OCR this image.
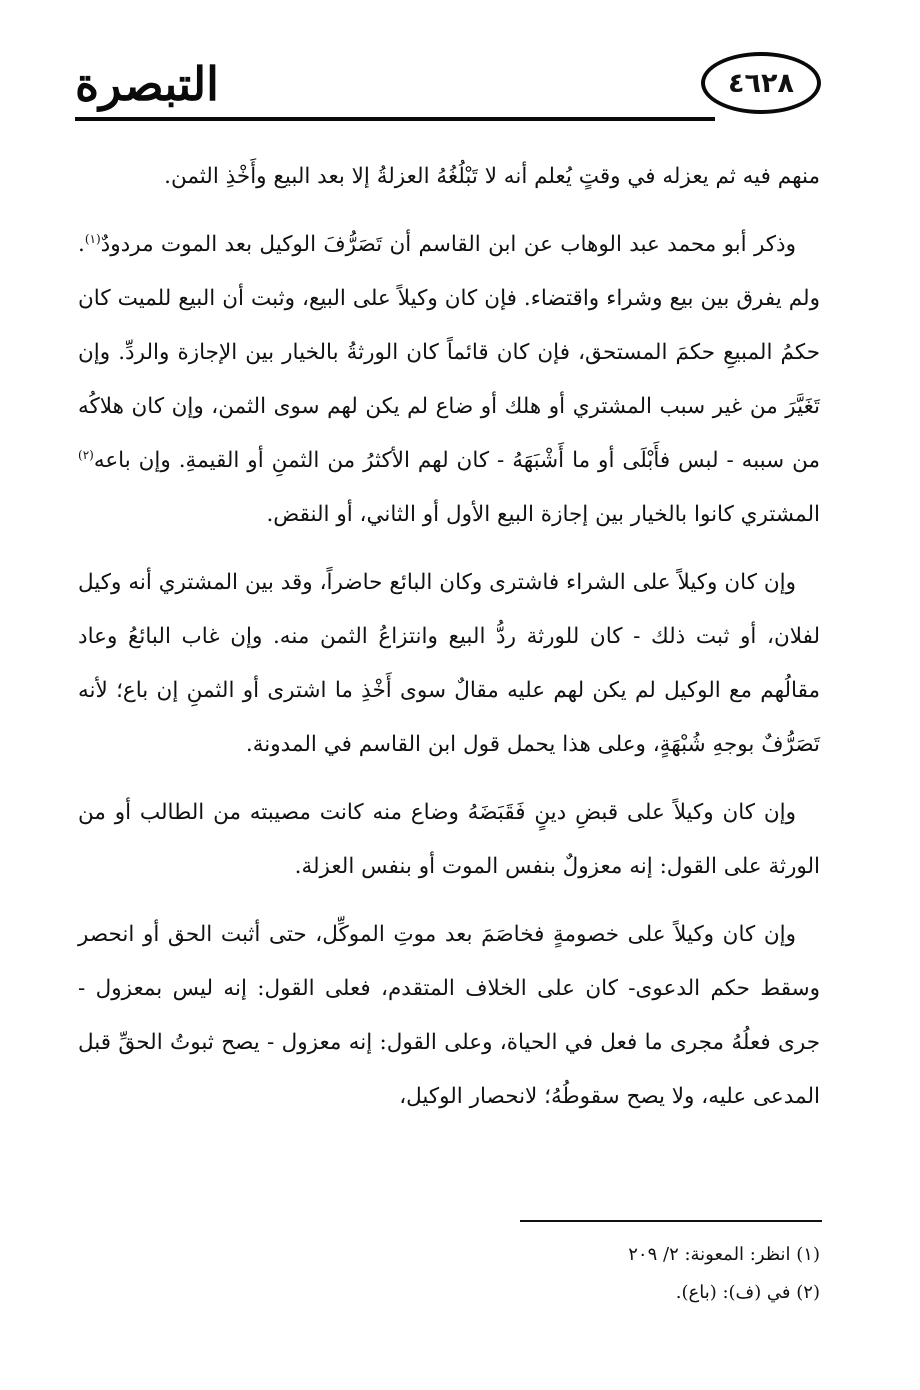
التبصرة	٤٦٢٨

منهم فيه ثم يعزله في وقتٍ يُعلم أنه لا تَبْلُغُهُ العزلةُ إلا بعد البيع وأَخْذِ الثمن.

وذكر أبو محمد عبد الوهاب عن ابن القاسم أن تَصَرُّفَ الوكيل بعد الموت مردودٌ$^{(١)}$. ولم يفرق بين بيع وشراء واقتضاء. فإن كان وكيلاً على البيع، وثبت أن البيع للميت كان حكمُ المبيعِ حكمَ المستحق، فإن كان قائماً كان الورثةُ بالخيار بين الإجازة والردِّ. وإن تَغَيَّرَ من غير سبب المشتري أو هلك أو ضاع لم يكن لهم سوى الثمن، وإن كان هلاكُه من سببه - لبس فأَبْلَى أو ما أَشْبَهَهُ - كان لهم الأكثرُ من الثمنِ أو القيمةِ. وإن باعه$^{(٢)}$ المشتري كانوا بالخيار بين إجازة البيع الأول أو الثاني، أو النقض.

وإن كان وكيلاً على الشراء فاشترى وكان البائع حاضراً، وقد بين المشتري أنه وكيل لفلان، أو ثبت ذلك - كان للورثة ردُّ البيع وانتزاعُ الثمن منه. وإن غاب البائعُ وعاد مقالُهم مع الوكيل لم يكن لهم عليه مقالٌ سوى أَخْذِ ما اشترى أو الثمنِ إن باع؛ لأنه تَصَرُّفٌ بوجهِ شُبْهَةٍ، وعلى هذا يحمل قول ابن القاسم في المدونة.

وإن كان وكيلاً على قبضِ دينٍ فَقَبَضَهُ وضاع منه كانت مصيبته من الطالب أو من الورثة على القول: إنه معزولٌ بنفس الموت أو بنفس العزلة.

وإن كان وكيلاً على خصومةٍ فخاصَمَ بعد موتِ الموكِّل، حتى أثبت الحق أو انحصر وسقط حكم الدعوى- كان على الخلاف المتقدم، فعلى القول: إنه ليس بمعزول - جرى فعلُهُ مجرى ما فعل في الحياة، وعلى القول: إنه معزول - يصح ثبوتُ الحقِّ قبل المدعى عليه، ولا يصح سقوطُهُ؛ لانحصار الوكيل،

(١) انظر: المعونة: ٢/ ٢٠٩
(٢) في (ف): (باع).
